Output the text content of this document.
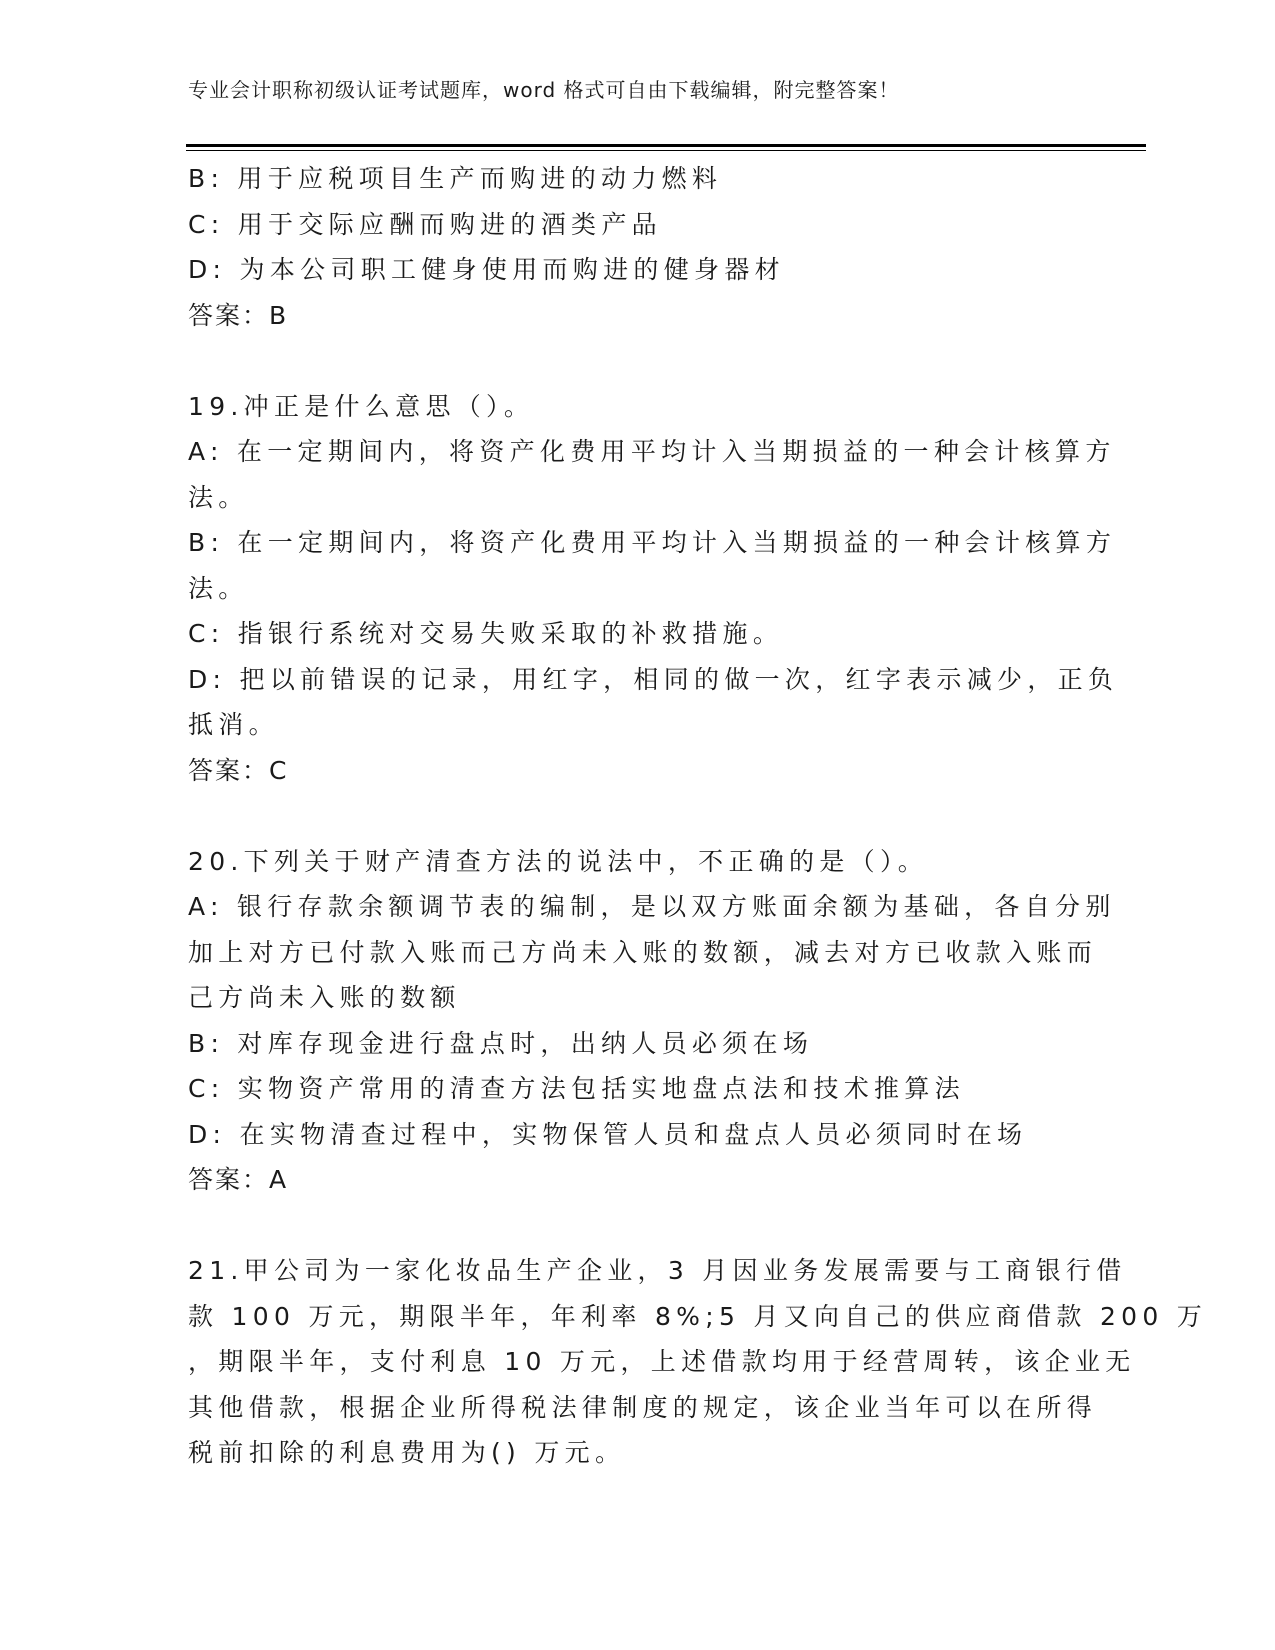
专业会计职称初级认证考试题库，word 格式可自由下载编辑，附完整答案！
B: 用于应税项目生产而购进的动力燃料
C: 用于交际应酬而购进的酒类产品
D: 为本公司职工健身使用而购进的健身器材
答案：B
19.冲正是什么意思（）。
A: 在一定期间内，将资产化费用平均计入当期损益的一种会计核算方
法。
B: 在一定期间内，将资产化费用平均计入当期损益的一种会计核算方
法。
C: 指银行系统对交易失败采取的补救措施。
D: 把以前错误的记录，用红字，相同的做一次，红字表示减少，正负
抵消。
答案：C
20.下列关于财产清查方法的说法中，不正确的是（）。
A: 银行存款余额调节表的编制，是以双方账面余额为基础，各自分别
加上对方已付款入账而己方尚未入账的数额，减去对方已收款入账而
己方尚未入账的数额
B: 对库存现金进行盘点时，出纳人员必须在场
C: 实物资产常用的清查方法包括实地盘点法和技术推算法
D: 在实物清查过程中，实物保管人员和盘点人员必须同时在场
答案：A
21.甲公司为一家化妆品生产企业，3 月因业务发展需要与工商银行借
款 100 万元，期限半年，年利率 8%;5 月又向自己的供应商借款 200 万
，期限半年，支付利息 10 万元，上述借款均用于经营周转，该企业无
其他借款，根据企业所得税法律制度的规定，该企业当年可以在所得
税前扣除的利息费用为() 万元。
